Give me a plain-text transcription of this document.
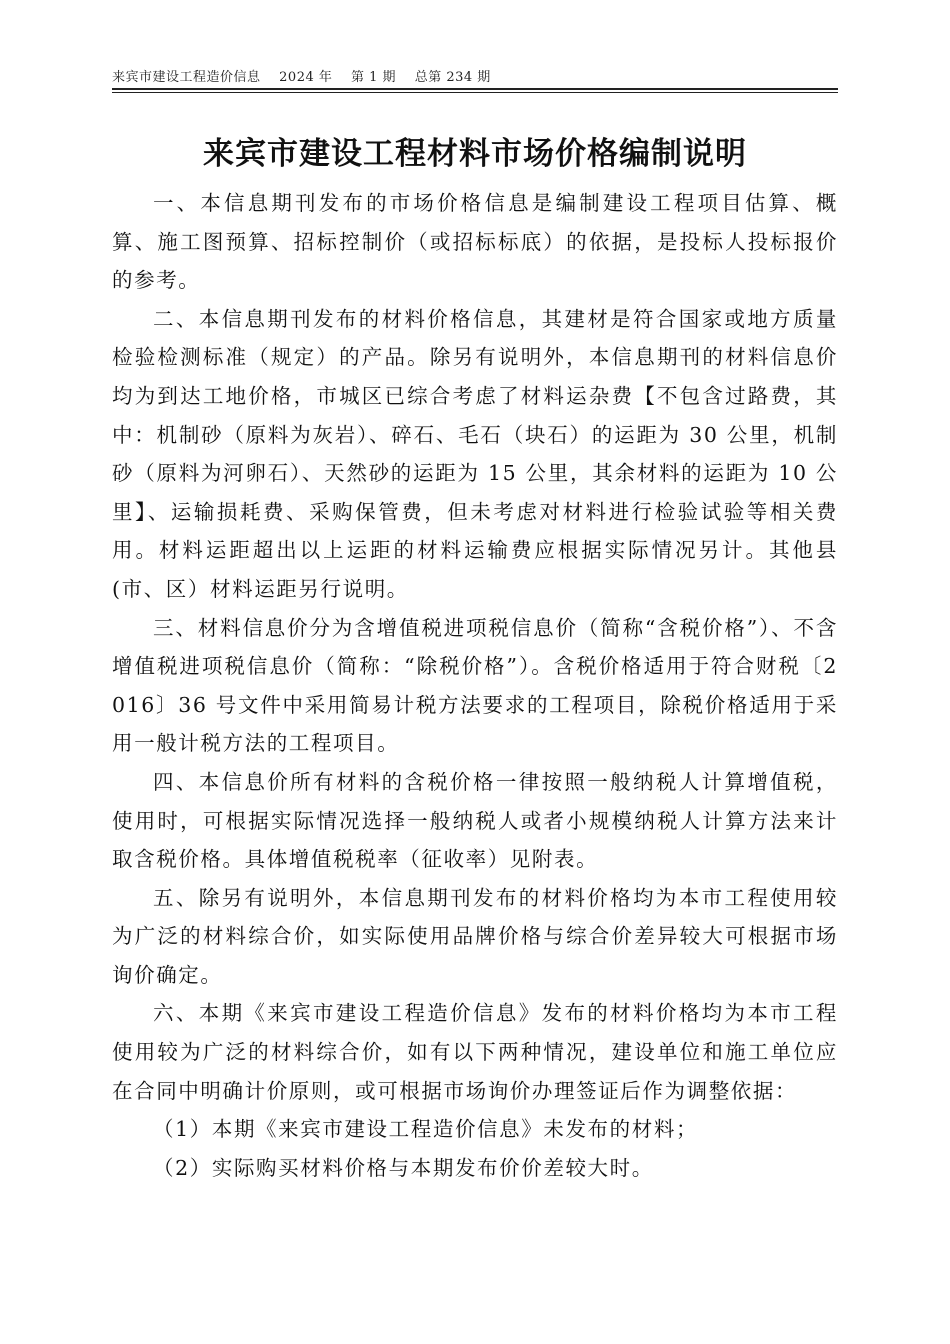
来宾市建设工程造价信息 2024 年 第 1 期 总第 234 期
来宾市建设工程材料市场价格编制说明

一、本信息期刊发布的市场价格信息是编制建设工程项目估算、概算、施工图预算、招标控制价（或招标标底）的依据，是投标人投标报价的参考。

二、本信息期刊发布的材料价格信息，其建材是符合国家或地方质量检验检测标准（规定）的产品。除另有说明外，本信息期刊的材料信息价均为到达工地价格，市城区已综合考虑了材料运杂费【不包含过路费，其中：机制砂（原料为灰岩）、碎石、毛石（块石）的运距为 30 公里，机制砂（原料为河卵石）、天然砂的运距为 15 公里，其余材料的运距为 10 公里】、运输损耗费、采购保管费，但未考虑对材料进行检验试验等相关费用。材料运距超出以上运距的材料运输费应根据实际情况另计。其他县(市、区）材料运距另行说明。

三、材料信息价分为含增值税进项税信息价（简称“含税价格”）、不含增值税进项税信息价（简称：“除税价格”）。含税价格适用于符合财税〔2016〕36 号文件中采用简易计税方法要求的工程项目，除税价格适用于采用一般计税方法的工程项目。

四、本信息价所有材料的含税价格一律按照一般纳税人计算增值税，使用时，可根据实际情况选择一般纳税人或者小规模纳税人计算方法来计取含税价格。具体增值税税率（征收率）见附表。

五、除另有说明外，本信息期刊发布的材料价格均为本市工程使用较为广泛的材料综合价，如实际使用品牌价格与综合价差异较大可根据市场询价确定。

六、本期《来宾市建设工程造价信息》发布的材料价格均为本市工程使用较为广泛的材料综合价，如有以下两种情况，建设单位和施工单位应在合同中明确计价原则，或可根据市场询价办理签证后作为调整依据：

（1）本期《来宾市建设工程造价信息》未发布的材料；

（2）实际购买材料价格与本期发布价价差较大时。
